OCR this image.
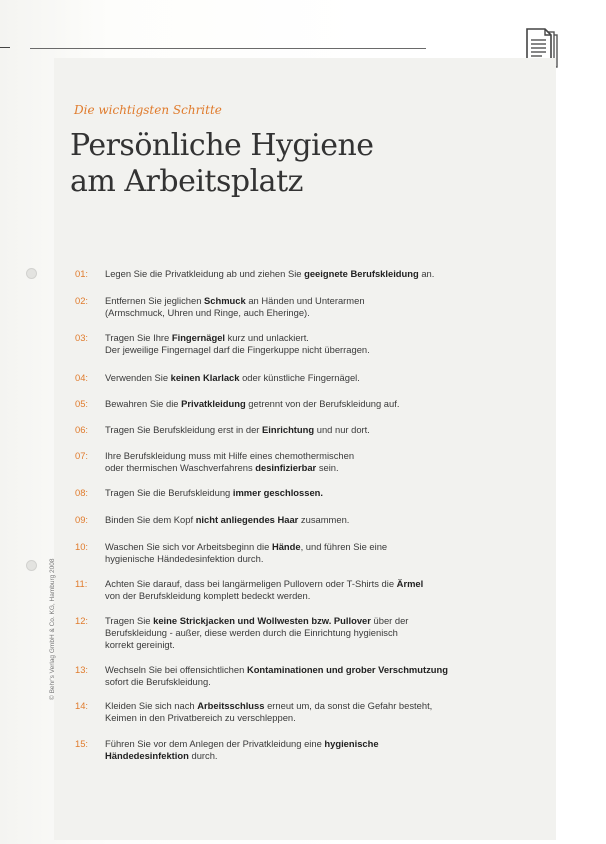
Die wichtigsten Schritte
Persönliche Hygiene
am Arbeitsplatz
01:	Legen Sie die Privatkleidung ab und ziehen Sie geeignete Berufskleidung an.
02:	Entfernen Sie jeglichen Schmuck an Händen und Unterarmen
(Armschmuck, Uhren und Ringe, auch Eheringe).
03:	Tragen Sie Ihre Fingernägel kurz und unlackiert.
Der jeweilige Fingernagel darf die Fingerkuppe nicht überragen.
04:	Verwenden Sie keinen Klarlack oder künstliche Fingernägel.
05:	Bewahren Sie die Privatkleidung getrennt von der Berufskleidung auf.
06:	Tragen Sie Berufskleidung erst in der Einrichtung und nur dort.
07:	Ihre Berufskleidung muss mit Hilfe eines chemothermischen
oder thermischen Waschverfahrens desinfizierbar sein.
08:	Tragen Sie die Berufskleidung immer geschlossen.
09:	Binden Sie dem Kopf nicht anliegendes Haar zusammen.
10:	Waschen Sie sich vor Arbeitsbeginn die Hände, und führen Sie eine
hygienische Händedesinfektion durch.
11:	Achten Sie darauf, dass bei langärmeligen Pullovern oder T-Shirts die Ärmel
von der Berufskleidung komplett bedeckt werden.
12:	Tragen Sie keine Strickjacken und Wollwesten bzw. Pullover über der
Berufskleidung - außer, diese werden durch die Einrichtung hygienisch
korrekt gereinigt.
13:	Wechseln Sie bei offensichtlichen Kontaminationen und grober Verschmutzung
sofort die Berufskleidung.
14:	Kleiden Sie sich nach Arbeitsschluss erneut um, da sonst die Gefahr besteht,
Keimen in den Privatbereich zu verschleppen.
15:	Führen Sie vor dem Anlegen der Privatkleidung eine hygienische
Händedesinfektion durch.
© Behr's Verlag GmbH & Co. KG, Hamburg 2008
